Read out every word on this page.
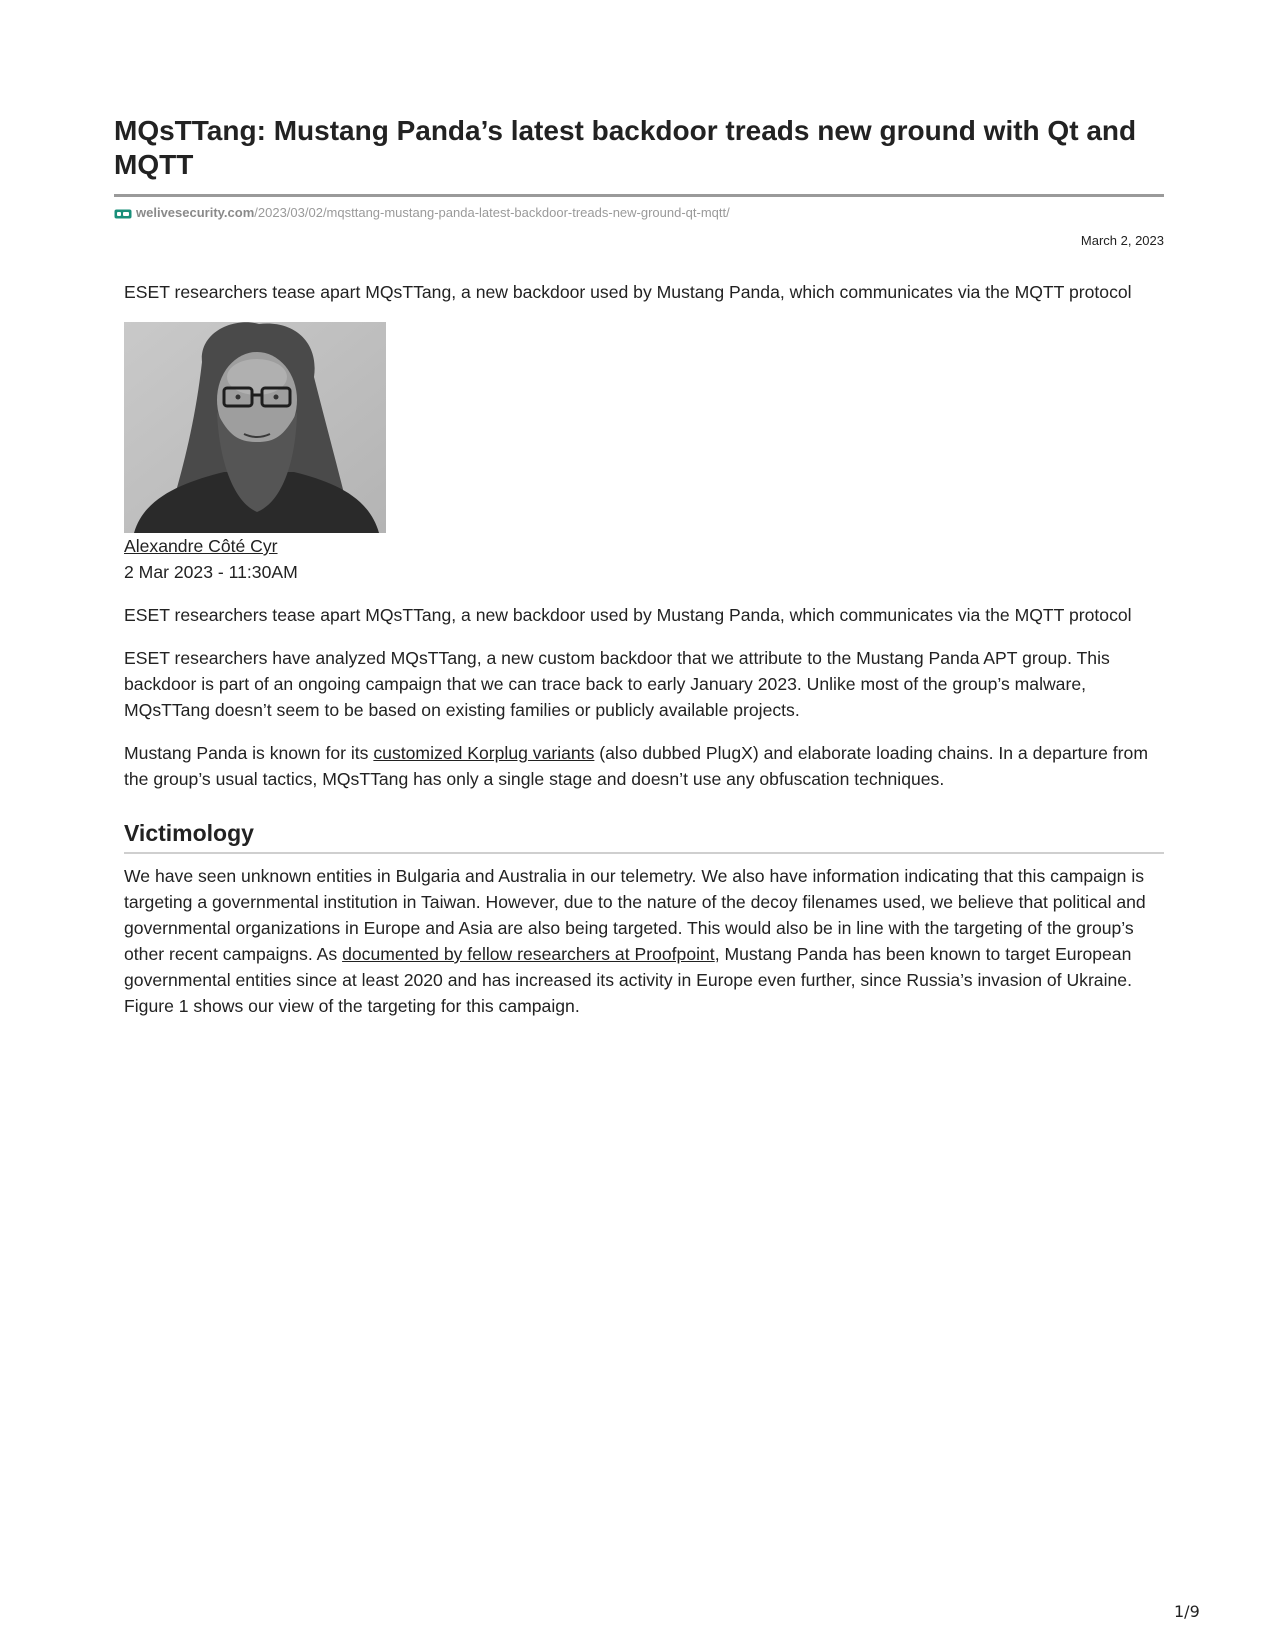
MQsTTang: Mustang Panda’s latest backdoor treads new ground with Qt and MQTT
welivesecurity.com /2023/03/02/mqsttang-mustang-panda-latest-backdoor-treads-new-ground-qt-mqtt/
March 2, 2023

ESET researchers tease apart MQsTTang, a new backdoor used by Mustang Panda, which communicates via the MQTT protocol

Alexandre Côté Cyr
2 Mar 2023 - 11:30AM

ESET researchers tease apart MQsTTang, a new backdoor used by Mustang Panda, which communicates via the MQTT protocol

ESET researchers have analyzed MQsTTang, a new custom backdoor that we attribute to the Mustang Panda APT group. This backdoor is part of an ongoing campaign that we can trace back to early January 2023. Unlike most of the group’s malware, MQsTTang doesn’t seem to be based on existing families or publicly available projects.

Mustang Panda is known for its customized Korplug variants (also dubbed PlugX) and elaborate loading chains. In a departure from the group’s usual tactics, MQsTTang has only a single stage and doesn’t use any obfuscation techniques.

Victimology

We have seen unknown entities in Bulgaria and Australia in our telemetry. We also have information indicating that this campaign is targeting a governmental institution in Taiwan. However, due to the nature of the decoy filenames used, we believe that political and governmental organizations in Europe and Asia are also being targeted. This would also be in line with the targeting of the group’s other recent campaigns. As documented by fellow researchers at Proofpoint, Mustang Panda has been known to target European governmental entities since at least 2020 and has increased its activity in Europe even further, since Russia’s invasion of Ukraine. Figure 1 shows our view of the targeting for this campaign.

1/9
